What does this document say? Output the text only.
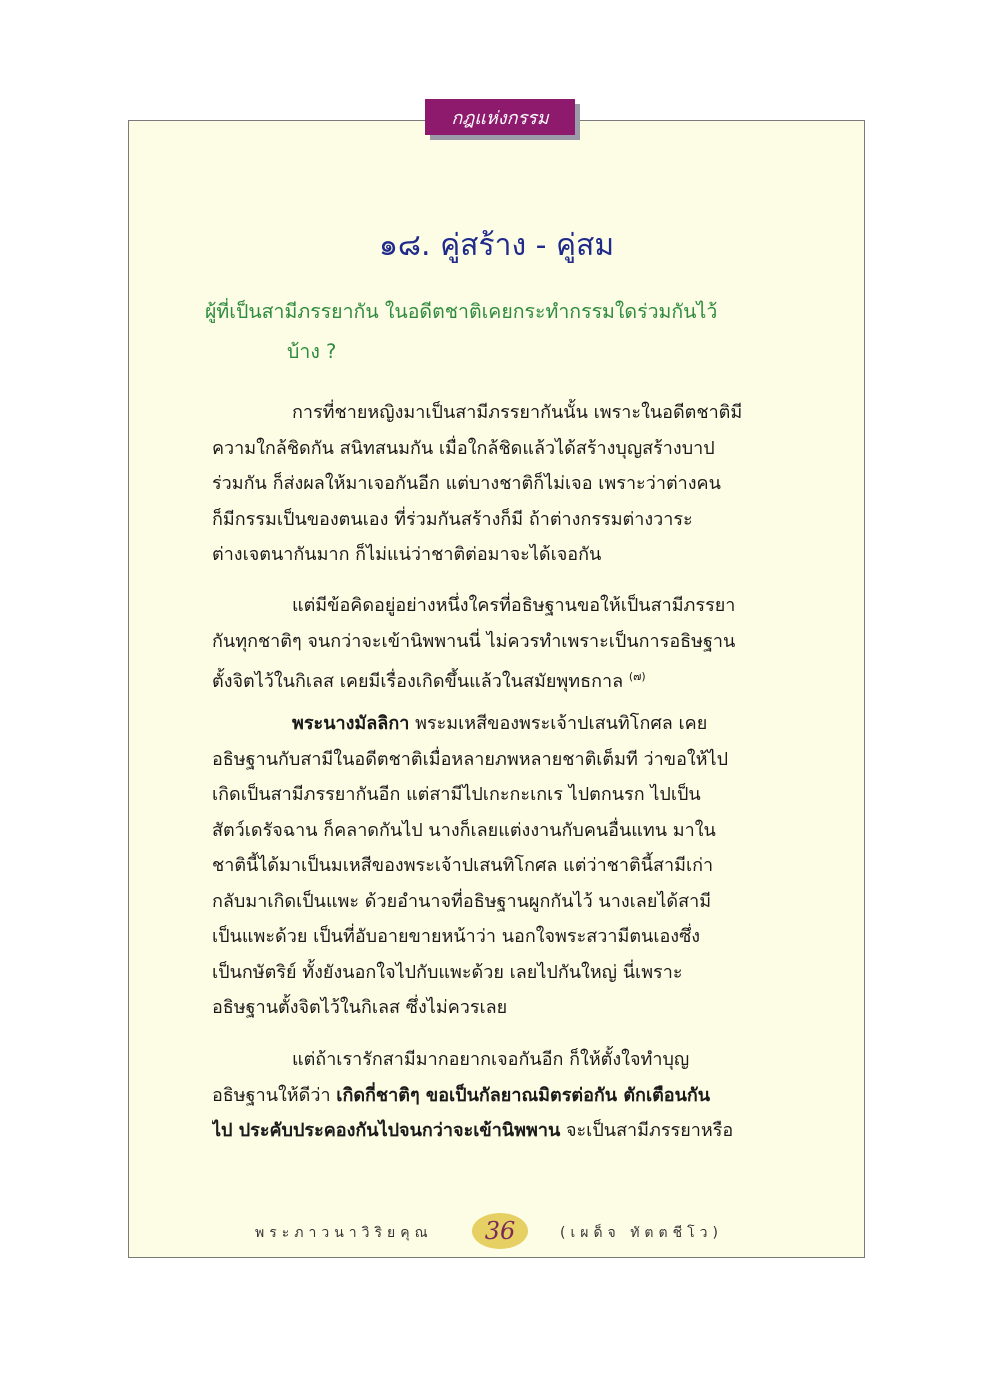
กฎแห่งกรรม
๑๘. คู่สร้าง - คู่สม
ผู้ที่เป็นสามีภรรยากัน ในอดีตชาติเคยกระทำกรรมใดร่วมกันไว้
บ้าง ?
การที่ชายหญิงมาเป็นสามีภรรยากันนั้น เพราะในอดีตชาติมี
ความใกล้ชิดกัน สนิทสนมกัน เมื่อใกล้ชิดแล้วได้สร้างบุญสร้างบาป
ร่วมกัน ก็ส่งผลให้มาเจอกันอีก แต่บางชาติก็ไม่เจอ เพราะว่าต่างคน
ก็มีกรรมเป็นของตนเอง ที่ร่วมกันสร้างก็มี ถ้าต่างกรรมต่างวาระ
ต่างเจตนากันมาก ก็ไม่แน่ว่าชาติต่อมาจะได้เจอกัน
แต่มีข้อคิดอยู่อย่างหนึ่งใครที่อธิษฐานขอให้เป็นสามีภรรยา
กันทุกชาติๆ จนกว่าจะเข้านิพพานนี่ ไม่ควรทำเพราะเป็นการอธิษฐาน
ตั้งจิตไว้ในกิเลส เคยมีเรื่องเกิดขึ้นแล้วในสมัยพุทธกาล $^{(๗)}$
พระนางมัลลิกา พระมเหสีของพระเจ้าปเสนทิโกศล เคย
อธิษฐานกับสามีในอดีตชาติเมื่อหลายภพหลายชาติเต็มที ว่าขอให้ไป
เกิดเป็นสามีภรรยากันอีก แต่สามีไปเกะกะเกเร ไปตกนรก ไปเป็น
สัตว์เดรัจฉาน ก็คลาดกันไป นางก็เลยแต่งงานกับคนอื่นแทน มาใน
ชาตินี้ได้มาเป็นมเหสีของพระเจ้าปเสนทิโกศล แต่ว่าชาตินี้สามีเก่า
กลับมาเกิดเป็นแพะ ด้วยอำนาจที่อธิษฐานผูกกันไว้ นางเลยได้สามี
เป็นแพะด้วย เป็นที่อับอายขายหน้าว่า นอกใจพระสวามีตนเองซึ่ง
เป็นกษัตริย์ ทั้งยังนอกใจไปกับแพะด้วย เลยไปกันใหญ่ นี่เพราะ
อธิษฐานตั้งจิตไว้ในกิเลส ซึ่งไม่ควรเลย
แต่ถ้าเรารักสามีมากอยากเจอกันอีก ก็ให้ตั้งใจทำบุญ
อธิษฐานให้ดีว่า เกิดกี่ชาติๆ ขอเป็นกัลยาณมิตรต่อกัน ตักเตือนกัน
ไป ประคับประคองกันไปจนกว่าจะเข้านิพพาน จะเป็นสามีภรรยาหรือ
พระภาวนาวิริยคุณ 36	(เผด็จ ทัตตชีโว)
